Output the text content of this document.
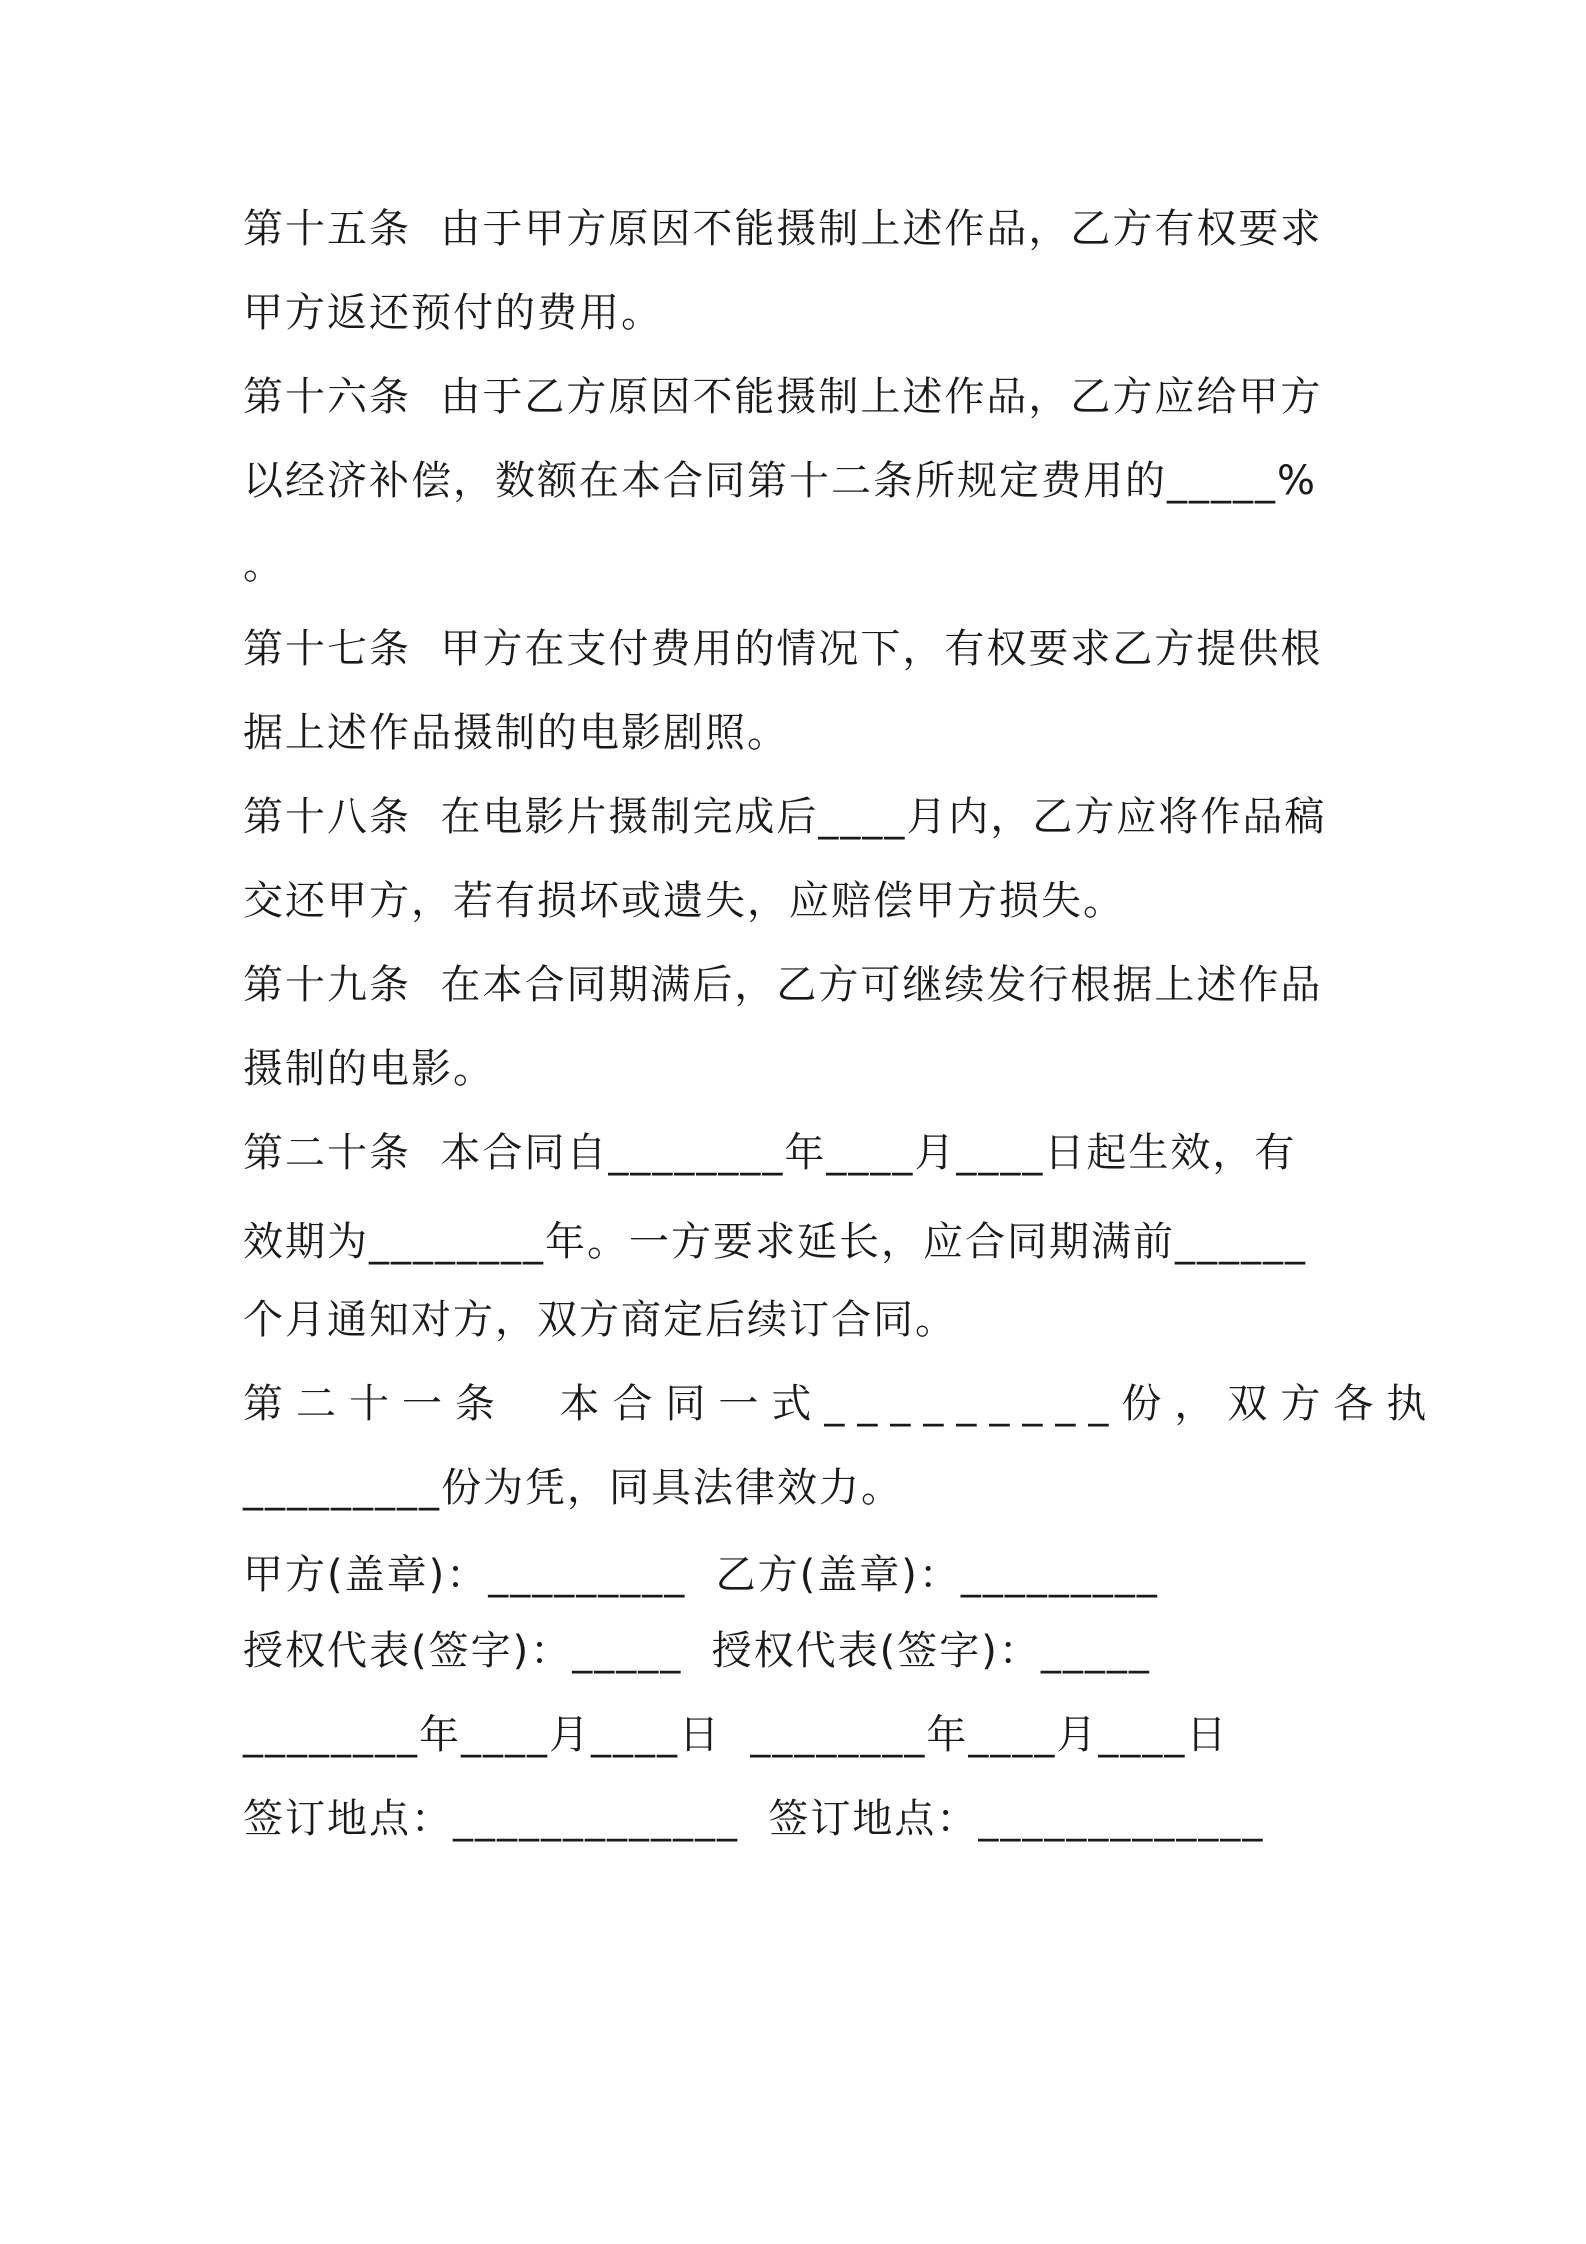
第十五条  由于甲方原因不能摄制上述作品，乙方有权要求
甲方返还预付的费用。
第十六条  由于乙方原因不能摄制上述作品，乙方应给甲方
以经济补偿，数额在本合同第十二条所规定费用的_____%
。
第十七条  甲方在支付费用的情况下，有权要求乙方提供根
据上述作品摄制的电影剧照。
第十八条  在电影片摄制完成后____月内，乙方应将作品稿
交还甲方，若有损坏或遗失，应赔偿甲方损失。
第十九条  在本合同期满后，乙方可继续发行根据上述作品
摄制的电影。
第二十条  本合同自________年____月____日起生效，有
效期为________年。一方要求延长，应合同期满前______
个月通知对方，双方商定后续订合同。
第二十一条  本合同一式_________份，双方各执
_________份为凭，同具法律效力。
甲方(盖章)：_________  乙方(盖章)：_________
授权代表(签字)：_____  授权代表(签字)：_____
________年____月____日  ________年____月____日
签订地点：_____________  签订地点：_____________
